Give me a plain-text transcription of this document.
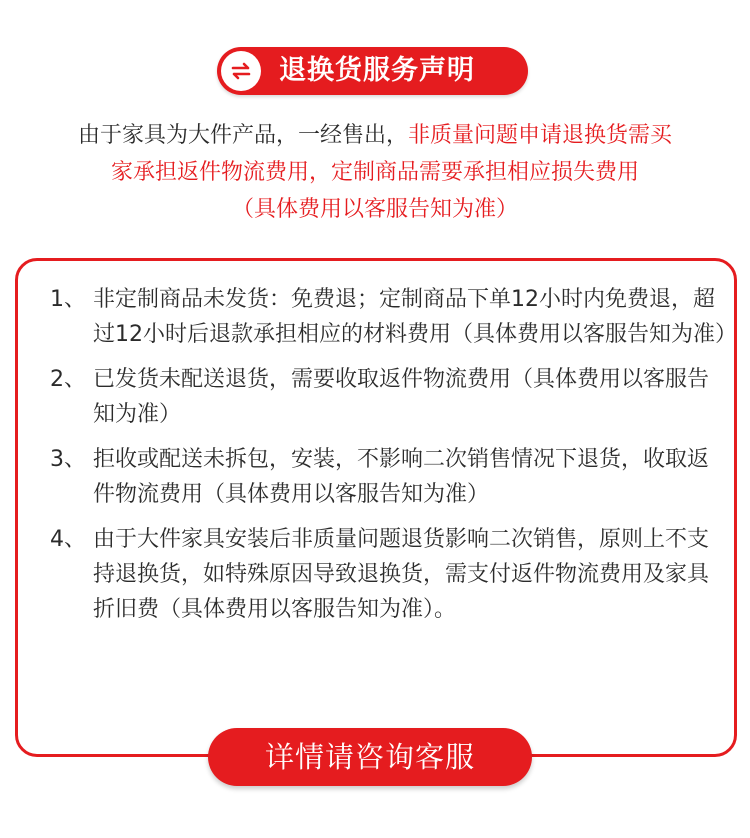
退换货服务声明
由于家具为大件产品，一经售出，非质量问题申请退换货需买
家承担返件物流费用，定制商品需要承担相应损失费用
（具体费用以客服告知为准）
1、 非定制商品未发货：免费退；定制商品下单12小时内免费退，超过12小时后退款承担相应的材料费用（具体费用以客服告知为准）
2、 已发货未配送退货，需要收取返件物流费用（具体费用以客服告知为准）
3、 拒收或配送未拆包，安装，不影响二次销售情况下退货，收取返件物流费用（具体费用以客服告知为准）
4、 由于大件家具安装后非质量问题退货影响二次销售，原则上不支持退换货，如特殊原因导致退换货，需支付返件物流费用及家具折旧费（具体费用以客服告知为准）。
详情请咨询客服
